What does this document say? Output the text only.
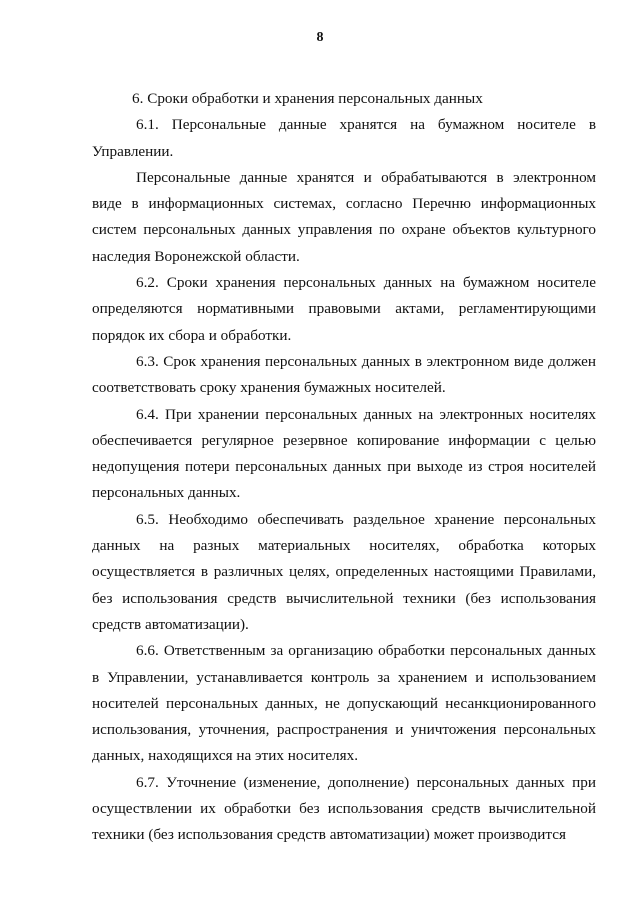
8

6. Сроки обработки и хранения персональных данных

6.1. Персональные данные хранятся на бумажном носителе в Управлении.

Персональные данные хранятся и обрабатываются в электронном виде в информационных системах, согласно Перечню информационных систем персональных данных управления по охране объектов культурного наследия Воронежской области.

6.2. Сроки хранения персональных данных на бумажном носителе определяются нормативными правовыми актами, регламентирующими порядок их сбора и обработки.

6.3. Срок хранения персональных данных в электронном виде должен соответствовать сроку хранения бумажных носителей.

6.4. При хранении персональных данных на электронных носителях обеспечивается регулярное резервное копирование информации с целью недопущения потери персональных данных при выходе из строя носителей персональных данных.

6.5. Необходимо обеспечивать раздельное хранение персональных данных на разных материальных носителях, обработка которых осуществляется в различных целях, определенных настоящими Правилами, без использования средств вычислительной техники (без использования средств автоматизации).

6.6. Ответственным за организацию обработки персональных данных в Управлении, устанавливается контроль за хранением и использованием носителей персональных данных, не допускающий несанкционированного использования, уточнения, распространения и уничтожения персональных данных, находящихся на этих носителях.

6.7. Уточнение (изменение, дополнение) персональных данных при осуществлении их обработки без использования средств вычислительной техники (без использования средств автоматизации) может производится
